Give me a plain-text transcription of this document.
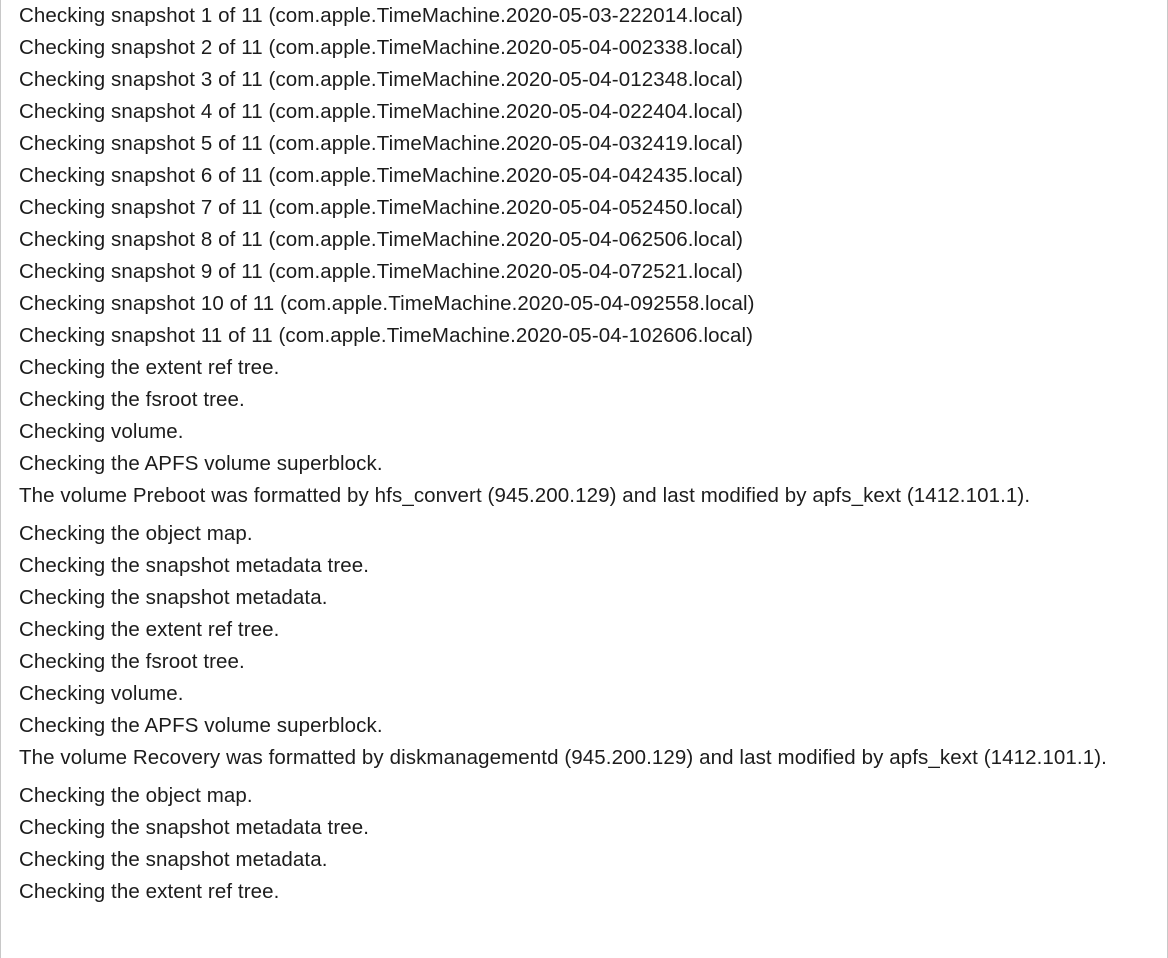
Checking snapshot 1 of 11 (com.apple.TimeMachine.2020-05-03-222014.local)
Checking snapshot 2 of 11 (com.apple.TimeMachine.2020-05-04-002338.local)
Checking snapshot 3 of 11 (com.apple.TimeMachine.2020-05-04-012348.local)
Checking snapshot 4 of 11 (com.apple.TimeMachine.2020-05-04-022404.local)
Checking snapshot 5 of 11 (com.apple.TimeMachine.2020-05-04-032419.local)
Checking snapshot 6 of 11 (com.apple.TimeMachine.2020-05-04-042435.local)
Checking snapshot 7 of 11 (com.apple.TimeMachine.2020-05-04-052450.local)
Checking snapshot 8 of 11 (com.apple.TimeMachine.2020-05-04-062506.local)
Checking snapshot 9 of 11 (com.apple.TimeMachine.2020-05-04-072521.local)
Checking snapshot 10 of 11 (com.apple.TimeMachine.2020-05-04-092558.local)
Checking snapshot 11 of 11 (com.apple.TimeMachine.2020-05-04-102606.local)
Checking the extent ref tree.
Checking the fsroot tree.
Checking volume.
Checking the APFS volume superblock.
The volume Preboot was formatted by hfs_convert (945.200.129) and last modified by apfs_kext (1412.101.1).
Checking the object map.
Checking the snapshot metadata tree.
Checking the snapshot metadata.
Checking the extent ref tree.
Checking the fsroot tree.
Checking volume.
Checking the APFS volume superblock.
The volume Recovery was formatted by diskmanagementd (945.200.129) and last modified by apfs_kext (1412.101.1).
Checking the object map.
Checking the snapshot metadata tree.
Checking the snapshot metadata.
Checking the extent ref tree.
